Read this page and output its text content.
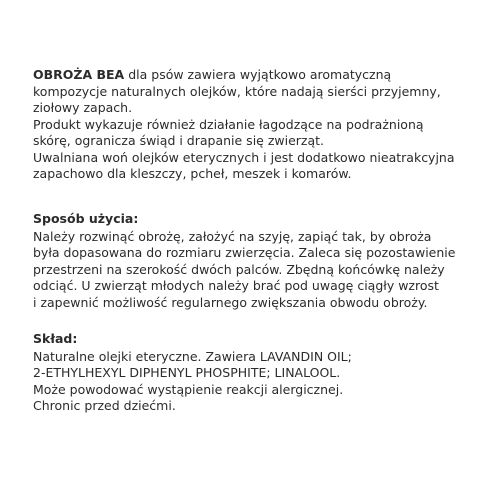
OBROŻA BEA dla psów zawiera wyjątkowo aromatyczną
kompozycje naturalnych olejków, które nadają sierści przyjemny,
ziołowy zapach.
Produkt wykazuje również działanie łagodzące na podrażnioną
skórę, ogranicza świąd i drapanie się zwierząt.
Uwalniana woń olejków eterycznych i jest dodatkowo nieatrakcyjna
zapachowo dla kleszczy, pcheł, meszek i komarów.
Sposób użycia:
Należy rozwinąć obrożę, założyć na szyję, zapiąć tak, by obroża
była dopasowana do rozmiaru zwierzęcia. Zaleca się pozostawienie
przestrzeni na szerokość dwóch palców. Zbędną końcówkę należy
odciąć. U zwierząt młodych należy brać pod uwagę ciągły wzrost
i zapewnić możliwość regularnego zwiększania obwodu obroży.
Skład:
Naturalne olejki eteryczne. Zawiera LAVANDIN OIL;
2-ETHYLHEXYL DIPHENYL PHOSPHITE; LINALOOL.
Może powodować wystąpienie reakcji alergicznej.
Chronic przed dziećmi.
